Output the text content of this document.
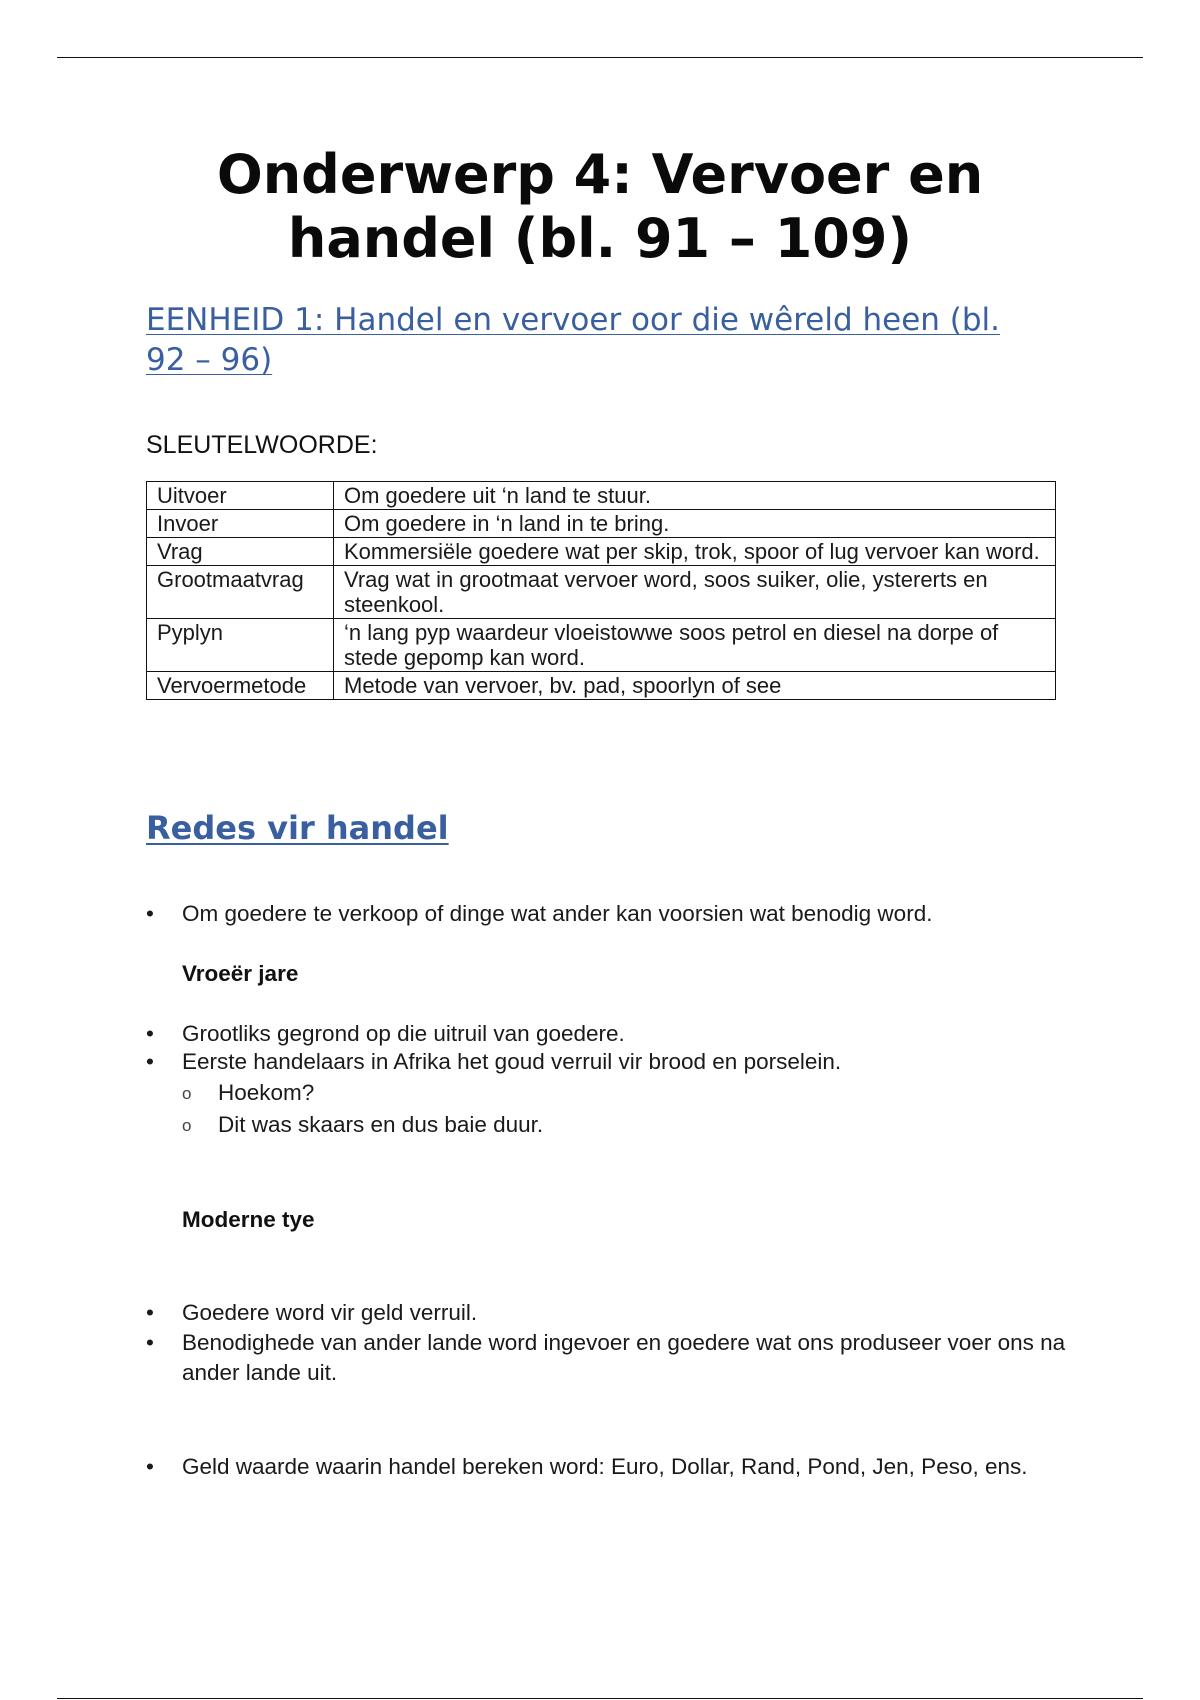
Onderwerp 4: Vervoer en
handel (bl. 91 – 109)
EENHEID 1: Handel en vervoer oor die wêreld heen (bl.
92 – 96)
SLEUTELWOORDE:
Uitvoer	Om goedere uit ‘n land te stuur.
Invoer	Om goedere in ‘n land in te bring.
Vrag	Kommersiële goedere wat per skip, trok, spoor of lug vervoer kan word.
Grootmaatvrag	Vrag wat in grootmaat vervoer word, soos suiker, olie, ystererts en steenkool.
Pyplyn	‘n lang pyp waardeur vloeistowwe soos petrol en diesel na dorpe of stede gepomp kan word.
Vervoermetode	Metode van vervoer, bv. pad, spoorlyn of see
Redes vir handel
•	Om goedere te verkoop of dinge wat ander kan voorsien wat benodig word.
Vroeër jare
•	Grootliks gegrond op die uitruil van goedere.
•	Eerste handelaars in Afrika het goud verruil vir brood en porselein.
o Hoekom?
o Dit was skaars en dus baie duur.
Moderne tye
•	Goedere word vir geld verruil.
•	Benodighede van ander lande word ingevoer en goedere wat ons produseer voer ons na ander lande uit.
•	Geld waarde waarin handel bereken word: Euro, Dollar, Rand, Pond, Jen, Peso, ens.
